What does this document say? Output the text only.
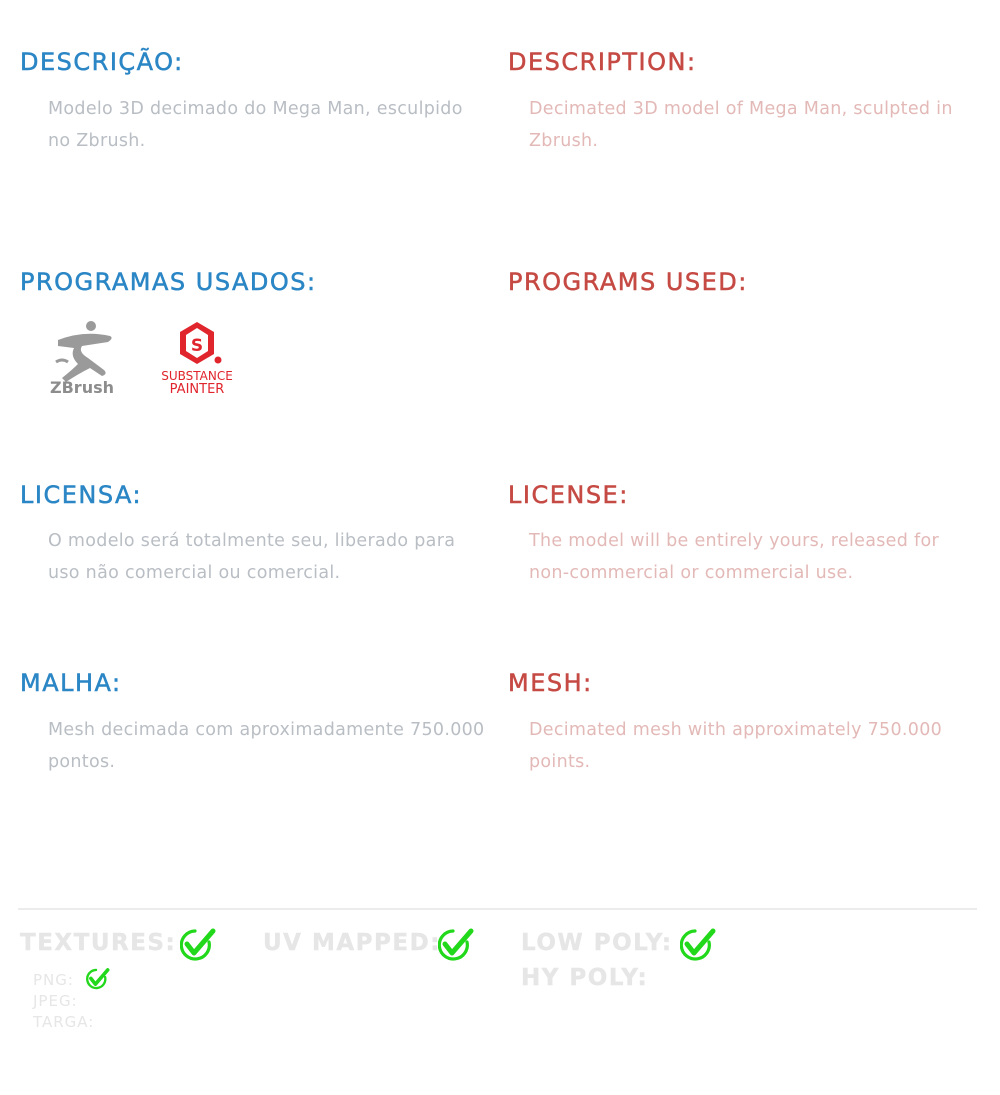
DESCRIÇÃO:

Modelo 3D decimado do Mega Man, esculpido no Zbrush.

PROGRAMAS USADOS:
ZBrush
S
SUBSTANCE
PAINTER
LICENSA:

O modelo será totalmente seu, liberado para uso não comercial ou comercial.

MALHA:

Mesh decimada com aproximadamente 750.000 pontos.

DESCRIPTION:

Decimated 3D model of Mega Man, sculpted in Zbrush.

PROGRAMS USED:
LICENSE:

The model will be entirely yours, released for non-commercial or commercial use.

MESH:

Decimated mesh with approximately 750.000 points.

TEXTURES:	UV MAPPED:	LOW POLY:
HY POLY:

PNG:

JPEG:

TARGA:
